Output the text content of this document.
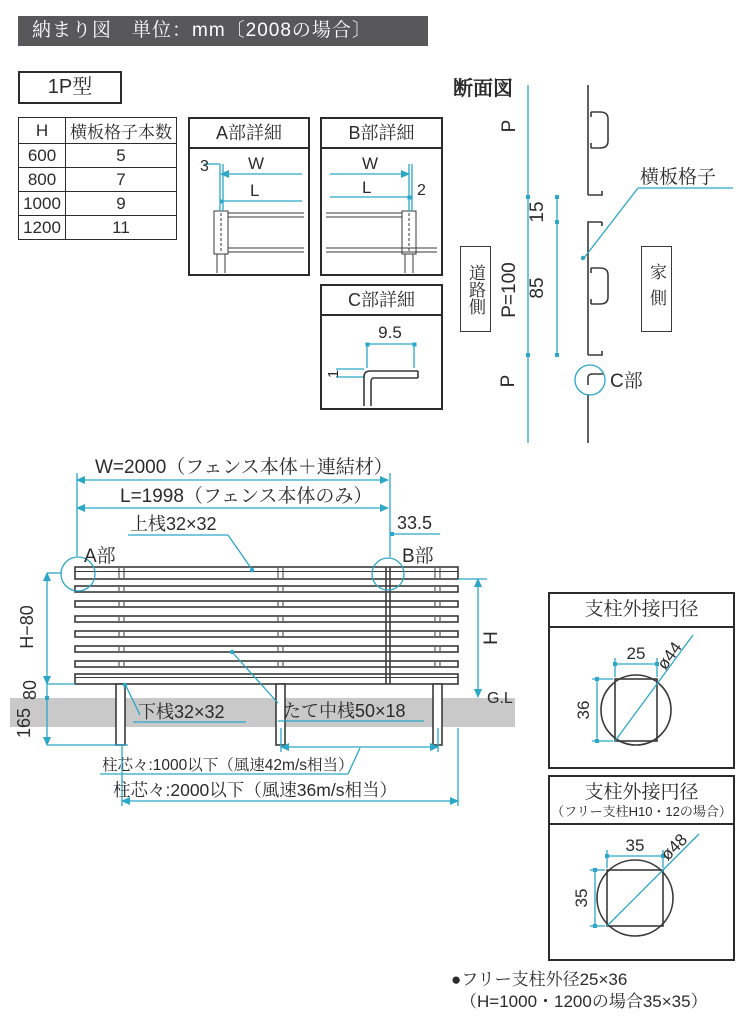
納まり図　単位：mm〔2008の場合〕
1P型
H	横板格子本数
600	5
800	7
1000	9
1200	11
A部詳細
3 W
L
B部詳細
W
L	2
C部詳細
9.5
1
断面図
横板格子
C部
P
P=100
15
85
P
道路側	家側
W=2000（フェンス本体＋連結材）
L=1998（フェンス本体のみ）
33.5
上桟32×32
A部	B部
H−80
80
165
H
G.L
下桟32×32	たて中桟50×18
柱芯々:1000以下（風速42m/s相当）
柱芯々:2000以下（風速36m/s相当）
支柱外接円径
25
36
ø44
支柱外接円径
（フリー支柱H10・12の場合）
35
35
ø48
●フリー支柱外径25×36
（H=1000・1200の場合35×35）
